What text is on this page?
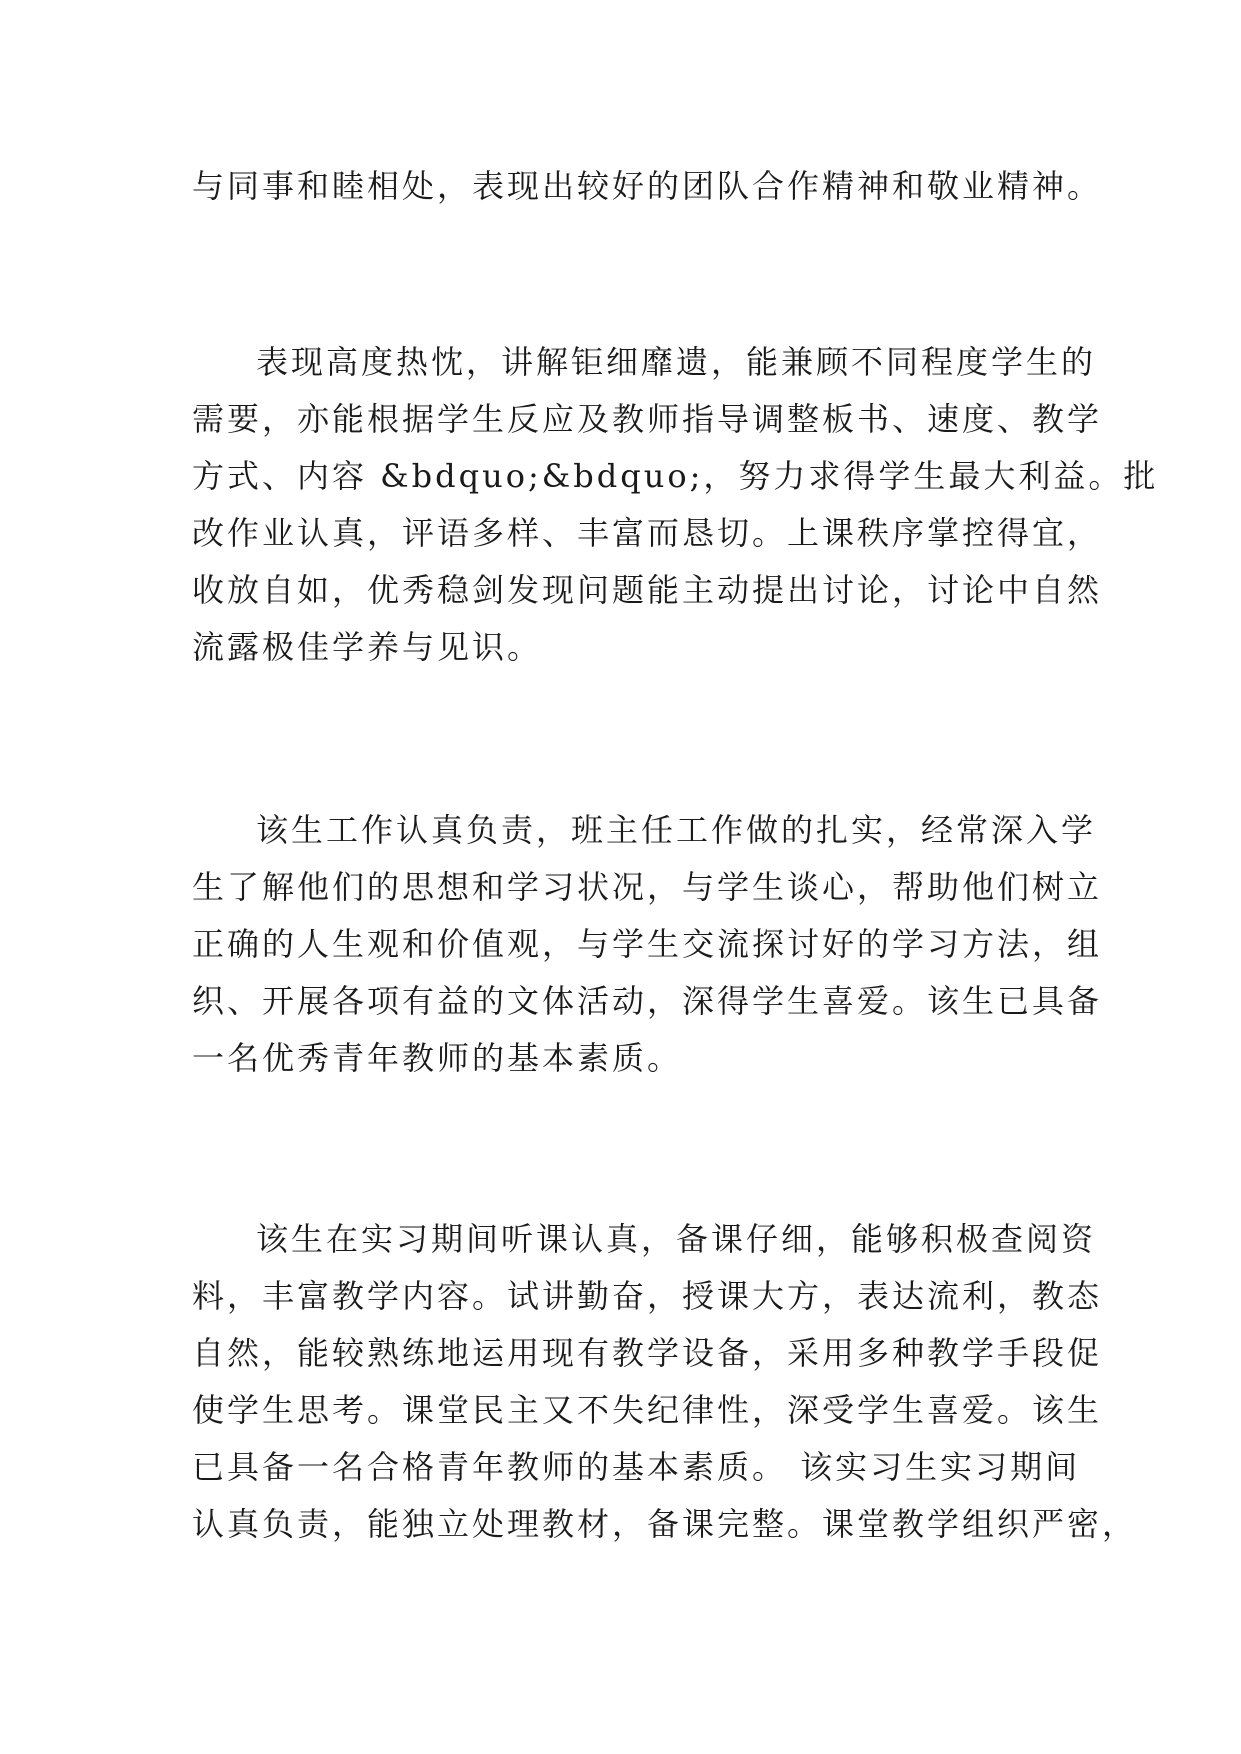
与同事和睦相处，表现出较好的团队合作精神和敬业精神。

表现高度热忱，讲解钜细靡遗，能兼顾不同程度学生的
需要，亦能根据学生反应及教师指导调整板书、速度、教学
方式、内容 &bdquo;&bdquo;，努力求得学生最大利益。批
改作业认真，评语多样、丰富而恳切。上课秩序掌控得宜，
收放自如，优秀稳剑发现问题能主动提出讨论，讨论中自然
流露极佳学养与见识。

该生工作认真负责，班主任工作做的扎实，经常深入学
生了解他们的思想和学习状况，与学生谈心，帮助他们树立
正确的人生观和价值观，与学生交流探讨好的学习方法，组
织、开展各项有益的文体活动，深得学生喜爱。该生已具备
一名优秀青年教师的基本素质。

该生在实习期间听课认真，备课仔细，能够积极查阅资
料，丰富教学内容。试讲勤奋，授课大方，表达流利，教态
自然，能较熟练地运用现有教学设备，采用多种教学手段促
使学生思考。课堂民主又不失纪律性，深受学生喜爱。该生
已具备一名合格青年教师的基本素质。 该实习生实习期间
认真负责，能独立处理教材，备课完整。课堂教学组织严密，
